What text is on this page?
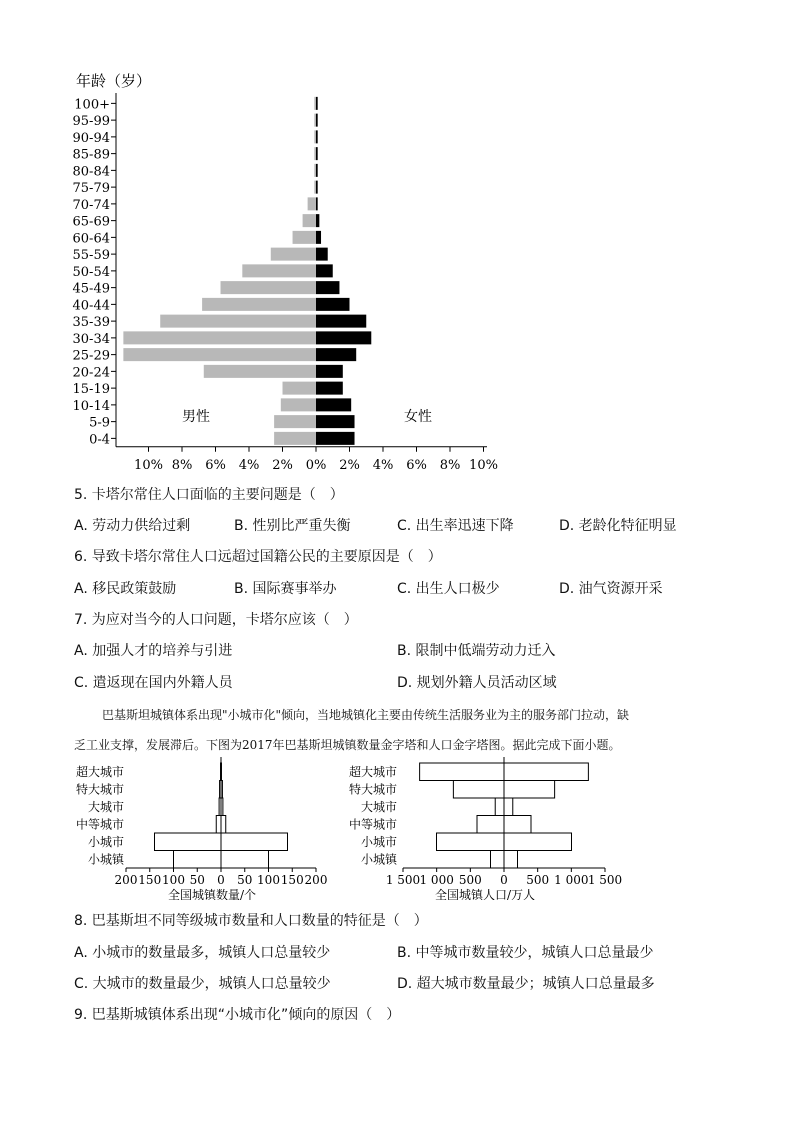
年龄（岁）
100+
95-99
90-94
85-89
80-84
75-79
70-74
65-69
60-64
55-59
50-54
45-49
40-44
35-39
30-34
25-29
20-24
15-19
10-14
5-9
0-4
10% 8% 6% 4% 2% 0% 2% 4% 6% 8% 10%
男性	女性
5. 卡塔尔常住人口面临的主要问题是（　）
A. 劳动力供给过剩	B. 性别比严重失衡	C. 出生率迅速下降	D. 老龄化特征明显
6. 导致卡塔尔常住人口远超过国籍公民的主要原因是（　）
A. 移民政策鼓励	B. 国际赛事举办	C. 出生人口极少	D. 油气资源开采
7. 为应对当今的人口问题，卡塔尔应该（　）
A. 加强人才的培养与引进	B. 限制中低端劳动力迁入
C. 遣返现在国内外籍人员	D. 规划外籍人员活动区域
巴基斯坦城镇体系出现"小城市化"倾向，当地城镇化主要由传统生活服务业为主的服务部门拉动，缺
乏工业支撑，发展滞后。下图为2017年巴基斯坦城镇数量金字塔和人口金字塔图。据此完成下面小题。
超大城市
特大城市
大城市
中等城市
小城市
小城镇
200 150 100 50 0 50 100 150 200
全国城镇数量/个
超大城市
特大城市
大城市
中等城市
小城市
小城镇
1 500 1 000 500 0 500 1 000 1 500
全国城镇人口/万人
8. 巴基斯坦不同等级城市数量和人口数量的特征是（　）
A. 小城市的数量最多，城镇人口总量较少	B. 中等城市数量较少，城镇人口总量最少
C. 大城市的数量最少，城镇人口总量较少	D. 超大城市数量最少；城镇人口总量最多
9. 巴基斯城镇体系出现“小城市化”倾向的原因（　）
